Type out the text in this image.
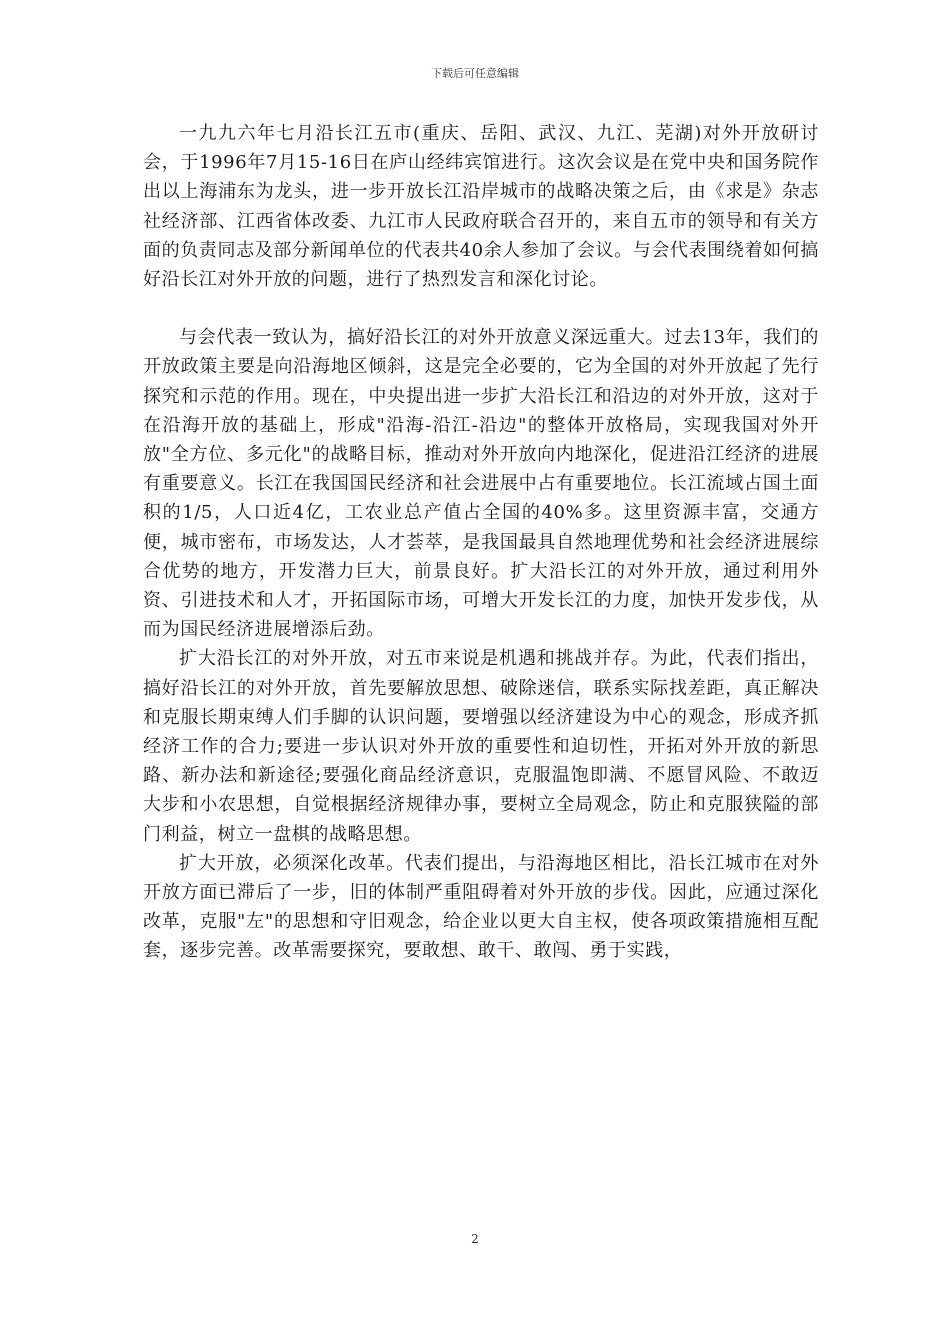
下载后可任意编辑

一九九六年七月沿长江五市(重庆、岳阳、武汉、九江、芜湖)对外开放研讨会，于1996年7月15-16日在庐山经纬宾馆进行。这次会议是在党中央和国务院作出以上海浦东为龙头，进一步开放长江沿岸城市的战略决策之后，由《求是》杂志社经济部、江西省体改委、九江市人民政府联合召开的，来自五市的领导和有关方面的负责同志及部分新闻单位的代表共40余人参加了会议。与会代表围绕着如何搞好沿长江对外开放的问题，进行了热烈发言和深化讨论。

与会代表一致认为，搞好沿长江的对外开放意义深远重大。过去13年，我们的开放政策主要是向沿海地区倾斜，这是完全必要的，它为全国的对外开放起了先行探究和示范的作用。现在，中央提出进一步扩大沿长江和沿边的对外开放，这对于在沿海开放的基础上，形成"沿海-沿江-沿边"的整体开放格局，实现我国对外开放"全方位、多元化"的战略目标，推动对外开放向内地深化，促进沿江经济的进展有重要意义。长江在我国国民经济和社会进展中占有重要地位。长江流域占国土面积的1/5，人口近4亿，工农业总产值占全国的40%多。这里资源丰富，交通方便，城市密布，市场发达，人才荟萃，是我国最具自然地理优势和社会经济进展综合优势的地方，开发潜力巨大，前景良好。扩大沿长江的对外开放，通过利用外资、引进技术和人才，开拓国际市场，可增大开发长江的力度，加快开发步伐，从而为国民经济进展增添后劲。

扩大沿长江的对外开放，对五市来说是机遇和挑战并存。为此，代表们指出，搞好沿长江的对外开放，首先要解放思想、破除迷信，联系实际找差距，真正解决和克服长期束缚人们手脚的认识问题，要增强以经济建设为中心的观念，形成齐抓经济工作的合力;要进一步认识对外开放的重要性和迫切性，开拓对外开放的新思路、新办法和新途径;要强化商品经济意识，克服温饱即满、不愿冒风险、不敢迈大步和小农思想，自觉根据经济规律办事，要树立全局观念，防止和克服狭隘的部门利益，树立一盘棋的战略思想。

扩大开放，必须深化改革。代表们提出，与沿海地区相比，沿长江城市在对外开放方面已滞后了一步，旧的体制严重阻碍着对外开放的步伐。因此，应通过深化改革，克服"左"的思想和守旧观念，给企业以更大自主权，使各项政策措施相互配套，逐步完善。改革需要探究，要敢想、敢干、敢闯、勇于实践，

2
